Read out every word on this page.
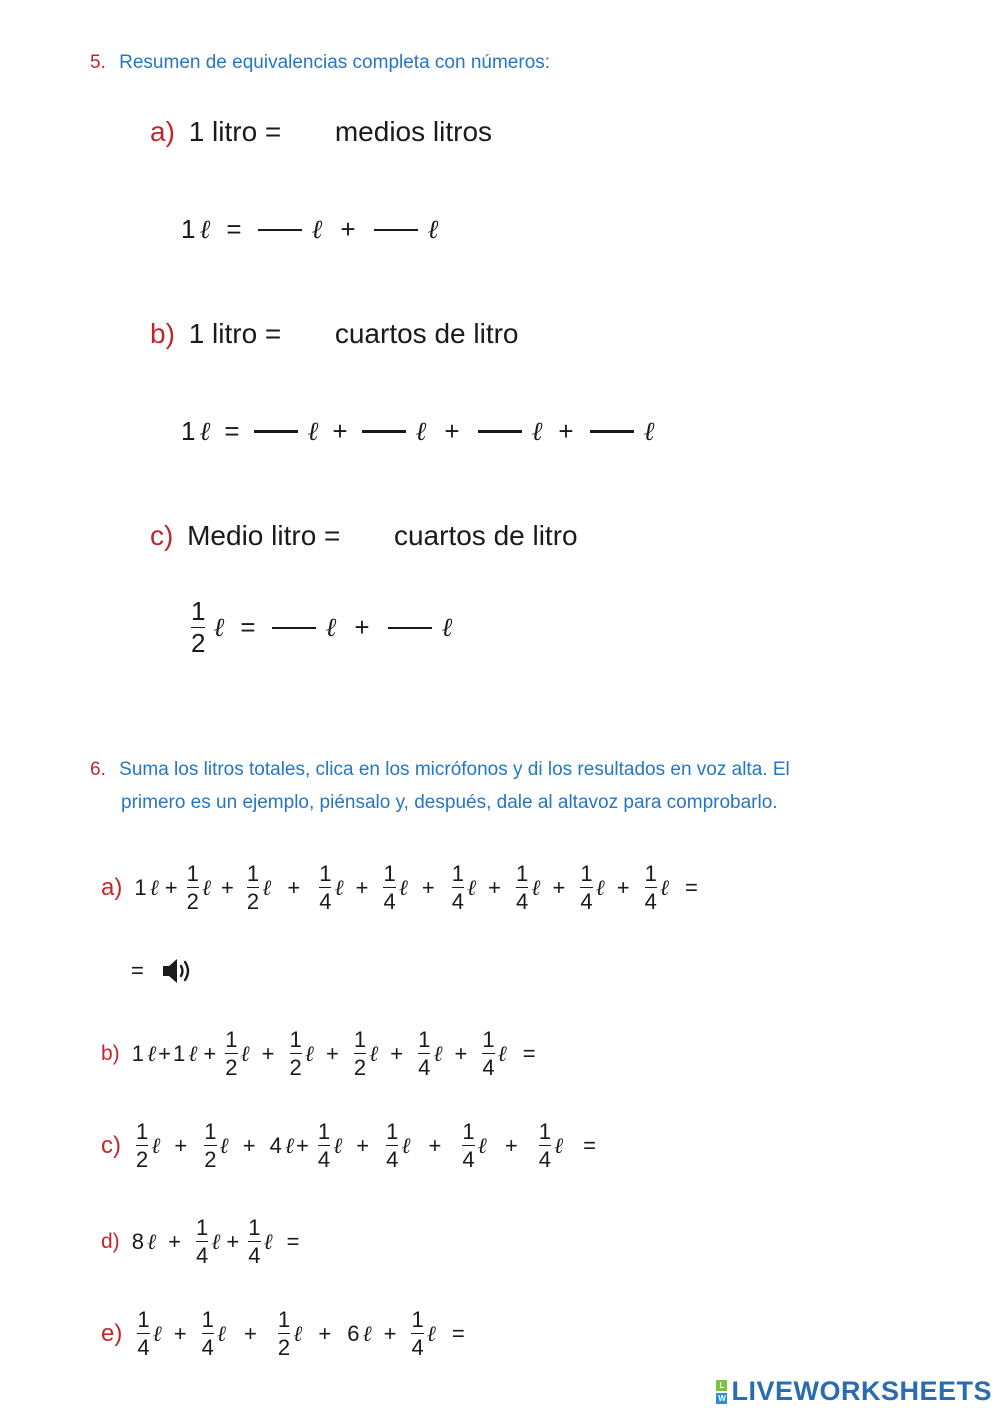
5. Resumen de equivalencias completa con números:
a) 1 litro = medios litros
1 ℓ =	ℓ +	ℓ
b) 1 litro = cuartos de litro
1 ℓ =	ℓ +	ℓ +	ℓ +	ℓ
c) Medio litro = cuartos de litro
$\frac{1}{2}$ ℓ =	ℓ +	ℓ
6. Suma los litros totales, clica en los micrófonos y di los resultados en voz alta. El
primero es un ejemplo, piénsalo y, después, dale al altavoz para comprobarlo.
a) 1 ℓ + $\frac{1}{2}$ ℓ + $\frac{1}{2}$ ℓ + $\frac{1}{4}$ ℓ + $\frac{1}{4}$ ℓ + $\frac{1}{4}$ ℓ + $\frac{1}{4}$ ℓ + $\frac{1}{4}$ ℓ + $\frac{1}{4}$ ℓ =
=
b) 1 ℓ + 1 ℓ + $\frac{1}{2}$ ℓ + $\frac{1}{2}$ ℓ + $\frac{1}{2}$ ℓ + $\frac{1}{4}$ ℓ + $\frac{1}{4}$ ℓ =
$c) \frac{1}{2}$ ℓ + $\frac{1}{2}$ ℓ + 4 ℓ + $\frac{1}{4}$ ℓ + $\frac{1}{4}$ ℓ + $\frac{1}{4}$ ℓ + $\frac{1}{4}$ ℓ =
d) 8 ℓ + $\frac{1}{4}$ ℓ + $\frac{1}{4}$ ℓ =
$e) \frac{1}{4}$ ℓ + $\frac{1}{4}$ ℓ + $\frac{1}{2}$ ℓ + 6 ℓ + $\frac{1}{4}$ ℓ =
L
W LIVEWORKSHEETS
